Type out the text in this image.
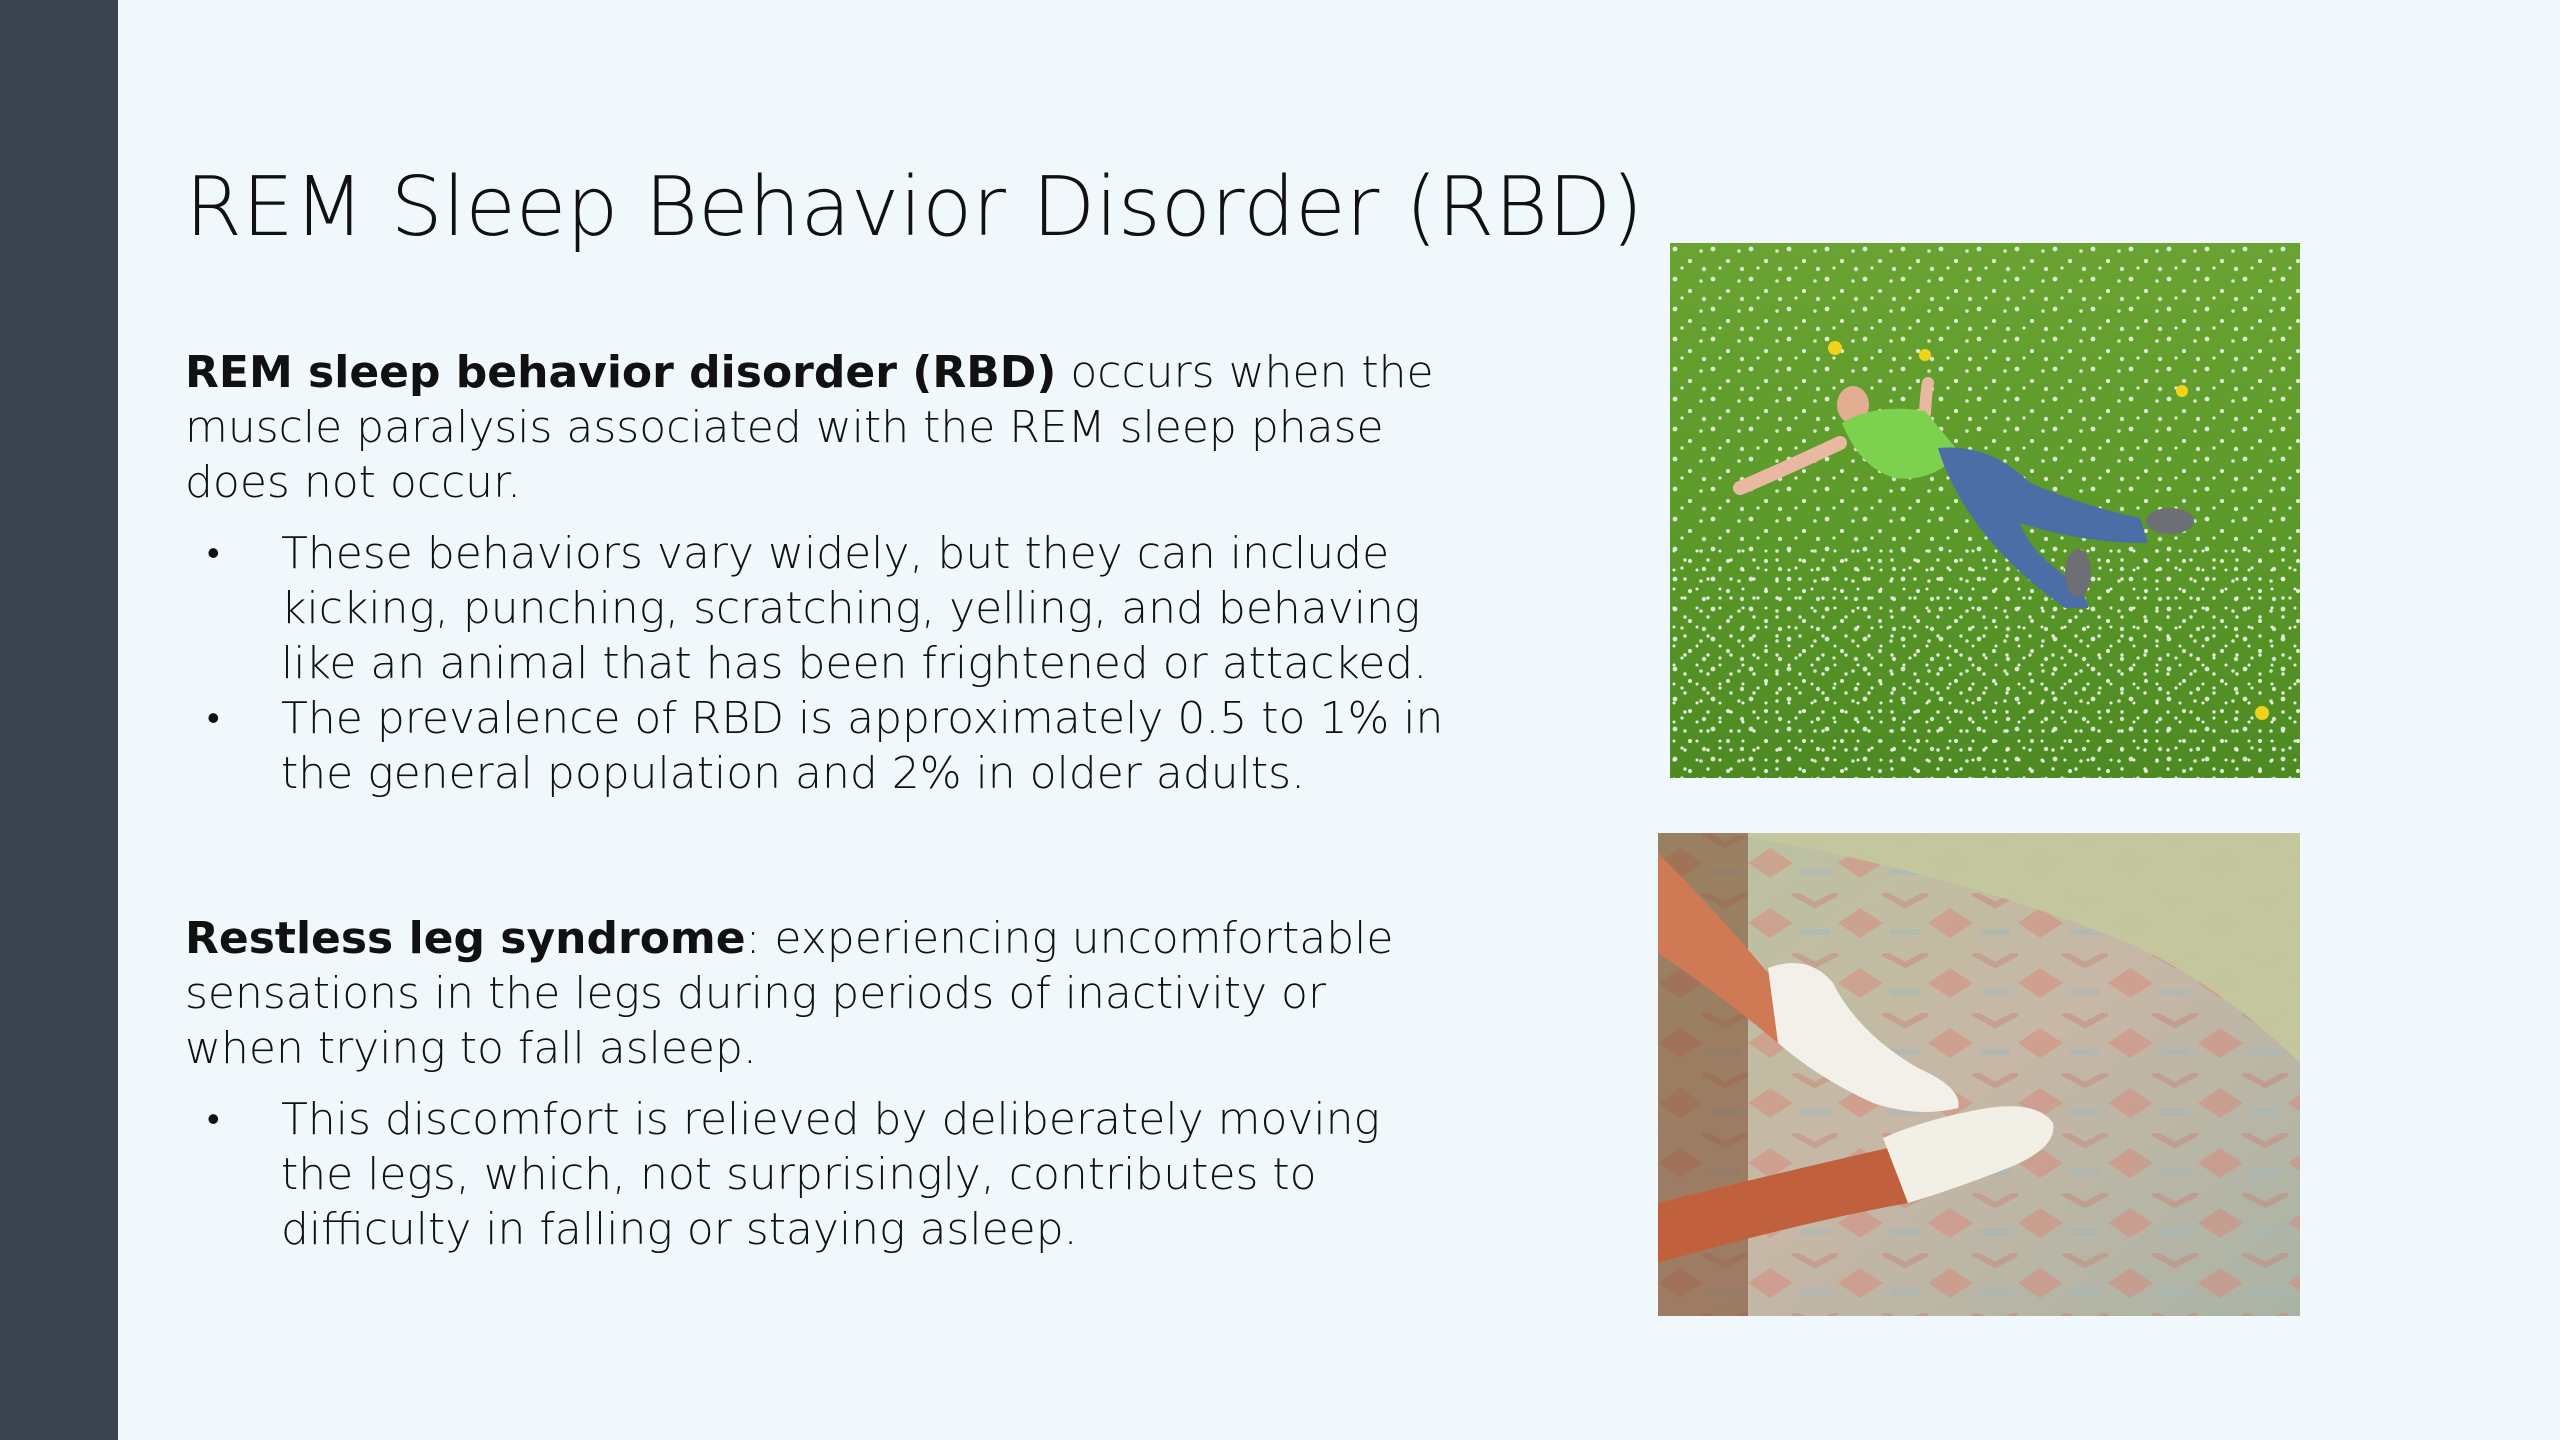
REM Sleep Behavior Disorder (RBD)

REM sleep behavior disorder (RBD) occurs when the muscle paralysis associated with the REM sleep phase does not occur.

• These behaviors vary widely, but they can include kicking, punching, scratching, yelling, and behaving like an animal that has been frightened or attacked.
• The prevalence of RBD is approximately 0.5 to 1% in the general population and 2% in older adults.

Restless leg syndrome: experiencing uncomfortable sensations in the legs during periods of inactivity or when trying to fall asleep.

• This discomfort is relieved by deliberately moving the legs, which, not surprisingly, contributes to difficulty in falling or staying asleep.
